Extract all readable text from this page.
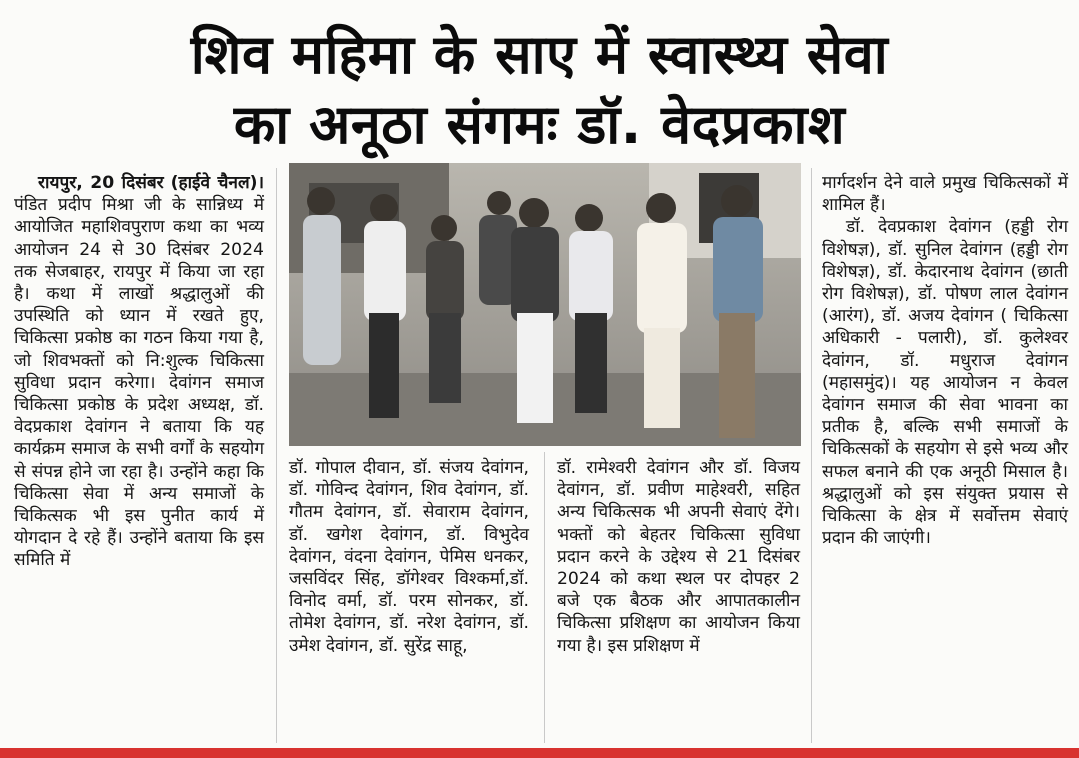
शिव महिमा के साए में स्वास्थ्य सेवा
का अनूठा संगमः डॉ. वेदप्रकाश

रायपुर, 20 दिसंबर (हाईवे चैनल)। पंडित प्रदीप मिश्रा जी के सान्निध्य में आयोजित महाशिवपुराण कथा का भव्य आयोजन 24 से 30 दिसंबर 2024 तक सेजबाहर, रायपुर में किया जा रहा है। कथा में लाखों श्रद्धालुओं की उपस्थिति को ध्यान में रखते हुए, चिकित्सा प्रकोष्ठ का गठन किया गया है, जो शिवभक्तों को नि:शुल्क चिकित्सा सुविधा प्रदान करेगा। देवांगन समाज चिकित्सा प्रकोष्ठ के प्रदेश अध्यक्ष, डॉ. वेदप्रकाश देवांगन ने बताया कि यह कार्यक्रम समाज के सभी वर्गों के सहयोग से संपन्न होने जा रहा है। उन्होंने कहा कि चिकित्सा सेवा में अन्य समाजों के चिकित्सक भी इस पुनीत कार्य में योगदान दे रहे हैं। उन्होंने बताया कि इस समिति में

डॉ. गोपाल दीवान, डॉ. संजय देवांगन, डॉ. गोविन्द देवांगन, शिव देवांगन, डॉ. गौतम देवांगन, डॉ. सेवाराम देवांगन, डॉ. खगेश देवांगन, डॉ. विभुदेव देवांगन, वंदना देवांगन, पेमिस धनकर, जसविंदर सिंह, डॉगेश्वर विश्कर्मा,डॉ. विनोद वर्मा, डॉ. परम सोनकर, डॉ. तोमेश देवांगन, डॉ. नरेश देवांगन, डॉ. उमेश देवांगन, डॉ. सुरेंद्र साहू,

डॉ. रामेश्वरी देवांगन और डॉ. विजय देवांगन, डॉ. प्रवीण माहेश्वरी, सहित अन्य चिकित्सक भी अपनी सेवाएं देंगे। भक्तों को बेहतर चिकित्सा सुविधा प्रदान करने के उद्देश्य से 21 दिसंबर 2024 को कथा स्थल पर दोपहर 2 बजे एक बैठक और आपातकालीन चिकित्सा प्रशिक्षण का आयोजन किया गया है। इस प्रशिक्षण में

मार्गदर्शन देने वाले प्रमुख चिकित्सकों में शामिल हैं।

डॉ. देवप्रकाश देवांगन (हड्डी रोग विशेषज्ञ), डॉ. सुनिल देवांगन (हड्डी रोग विशेषज्ञ), डॉ. केदारनाथ देवांगन (छाती रोग विशेषज्ञ), डॉ. पोषण लाल देवांगन (आरंग), डॉ. अजय देवांगन ( चिकित्सा अधिकारी - पलारी), डॉ. कुलेश्वर देवांगन, डॉ. मधुराज देवांगन (महासमुंद)। यह आयोजन न केवल देवांगन समाज की सेवा भावना का प्रतीक है, बल्कि सभी समाजों के चिकित्सकों के सहयोग से इसे भव्य और सफल बनाने की एक अनूठी मिसाल है। श्रद्धालुओं को इस संयुक्त प्रयास से चिकित्सा के क्षेत्र में सर्वोत्तम सेवाएं प्रदान की जाएंगी।
